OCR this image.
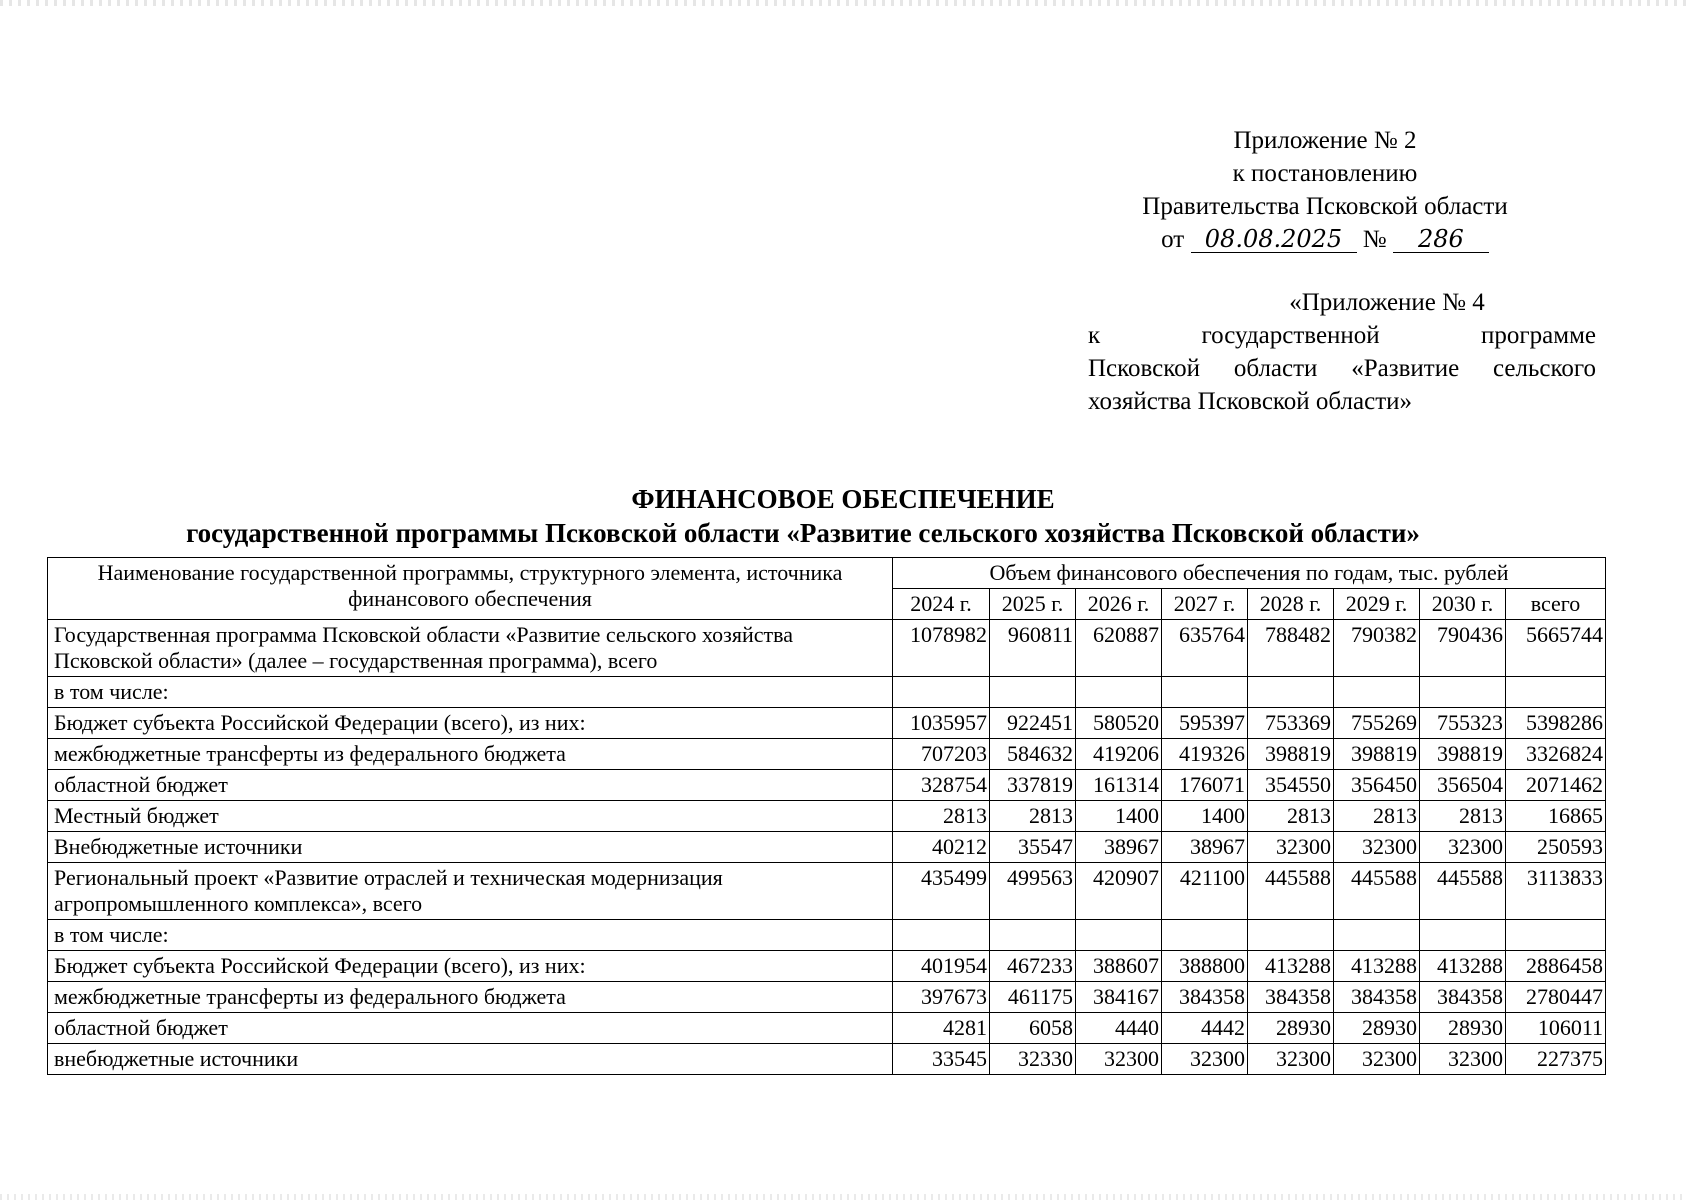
Приложение № 2
к постановлению
Правительства Псковской области
от 08.08.2025 № 286
«Приложение № 4
к государственной программе
Псковской области «Развитие сельского
хозяйства Псковской области»
ФИНАНСОВОЕ ОБЕСПЕЧЕНИЕ
государственной программы Псковской области «Развитие сельского хозяйства Псковской области»
Наименование государственной программы, структурного элемента, источника финансового обеспечения	Объем финансового обеспечения по годам, тыс. рублей							
	2024 г.	2025 г.	2026 г.	2027 г.	2028 г.	2029 г.	2030 г.	всего
Государственная программа Псковской области «Развитие сельского хозяйства Псковской области» (далее – государственная программа), всего	1078982	960811	620887	635764	788482	790382	790436	5665744
в том числе:								
Бюджет субъекта Российской Федерации (всего), из них:	1035957	922451	580520	595397	753369	755269	755323	5398286
межбюджетные трансферты из федерального бюджета	707203	584632	419206	419326	398819	398819	398819	3326824
областной бюджет	328754	337819	161314	176071	354550	356450	356504	2071462
Местный бюджет	2813	2813	1400	1400	2813	2813	2813	16865
Внебюджетные источники	40212	35547	38967	38967	32300	32300	32300	250593
Региональный проект «Развитие отраслей и техническая модернизация агропромышленного комплекса», всего	435499	499563	420907	421100	445588	445588	445588	3113833
в том числе:								
Бюджет субъекта Российской Федерации (всего), из них:	401954	467233	388607	388800	413288	413288	413288	2886458
межбюджетные трансферты из федерального бюджета	397673	461175	384167	384358	384358	384358	384358	2780447
областной бюджет	4281	6058	4440	4442	28930	28930	28930	106011
внебюджетные источники	33545	32330	32300	32300	32300	32300	32300	227375
